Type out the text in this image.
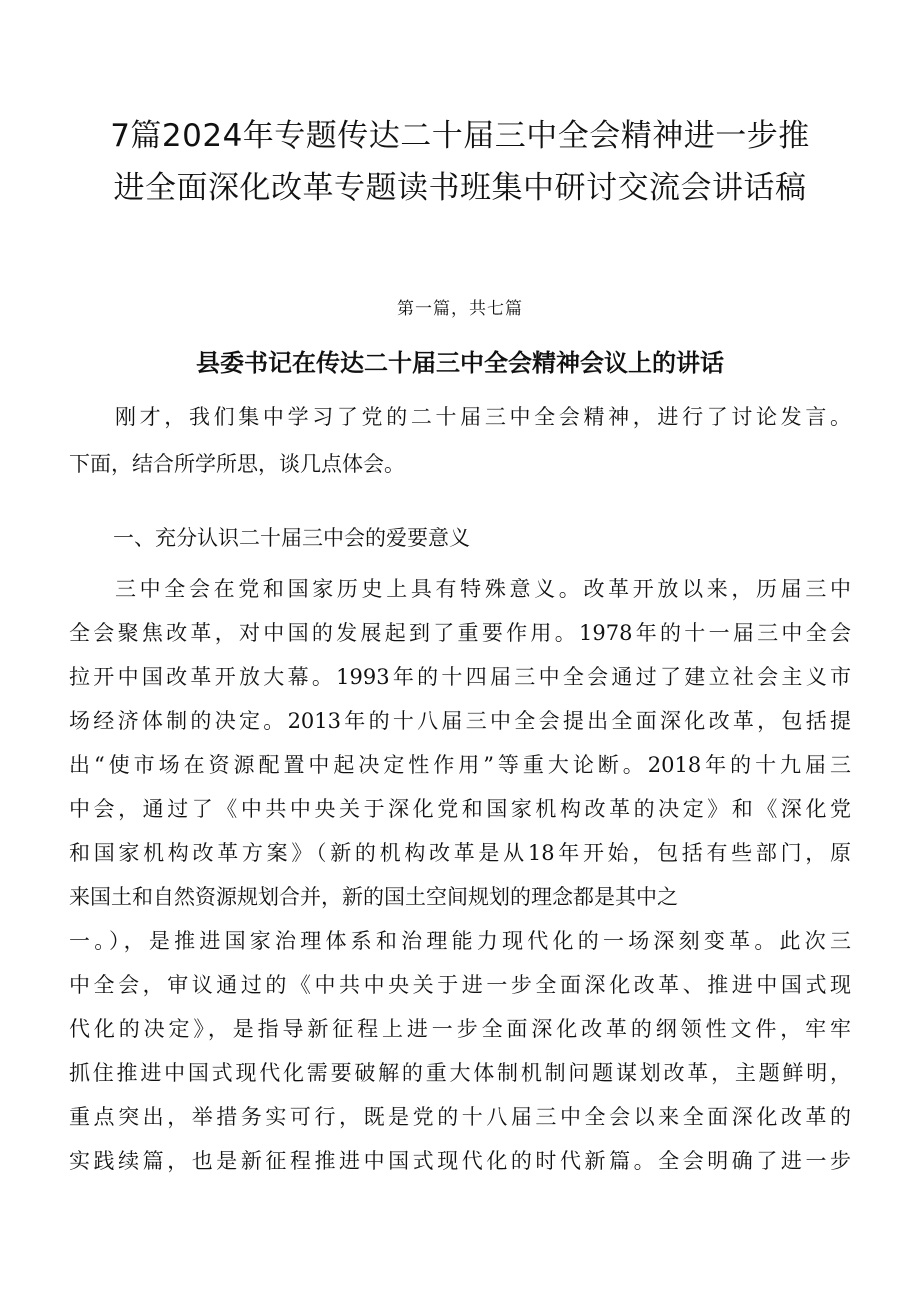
7篇2024年专题传达二十届三中全会精神进一步推
进全面深化改革专题读书班集中研讨交流会讲话稿
第一篇，共七篇
县委书记在传达二十届三中全会精神会议上的讲话
刚才，我们集中学习了党的二十届三中全会精神，进行了讨论发言。
下面，结合所学所思，谈几点体会。
一、充分认识二十届三中会的爱要意义
三中全会在党和国家历史上具有特殊意义。改革开放以来，历届三中
全会聚焦改革，对中国的发展起到了重要作用。1978年的十一届三中全会
拉开中国改革开放大幕。1993年的十四届三中全会通过了建立社会主义市
场经济体制的决定。2013年的十八届三中全会提出全面深化改革，包括提
出“使市场在资源配置中起决定性作用”等重大论断。2018年的十九届三
中会，通过了《中共中央关于深化党和国家机构改革的决定》和《深化党
和国家机构改革方案》（新的机构改革是从18年开始，包括有些部门，原
来国土和自然资源规划合并，新的国土空间规划的理念都是其中之
一。），是推进国家治理体系和治理能力现代化的一场深刻变革。此次三
中全会，审议通过的《中共中央关于进一步全面深化改革、推进中国式现
代化的决定》，是指导新征程上进一步全面深化改革的纲领性文件，牢牢
抓住推进中国式现代化需要破解的重大体制机制问题谋划改革，主题鲜明，
重点突出，举措务实可行，既是党的十八届三中全会以来全面深化改革的
实践续篇，也是新征程推进中国式现代化的时代新篇。全会明确了进一步
